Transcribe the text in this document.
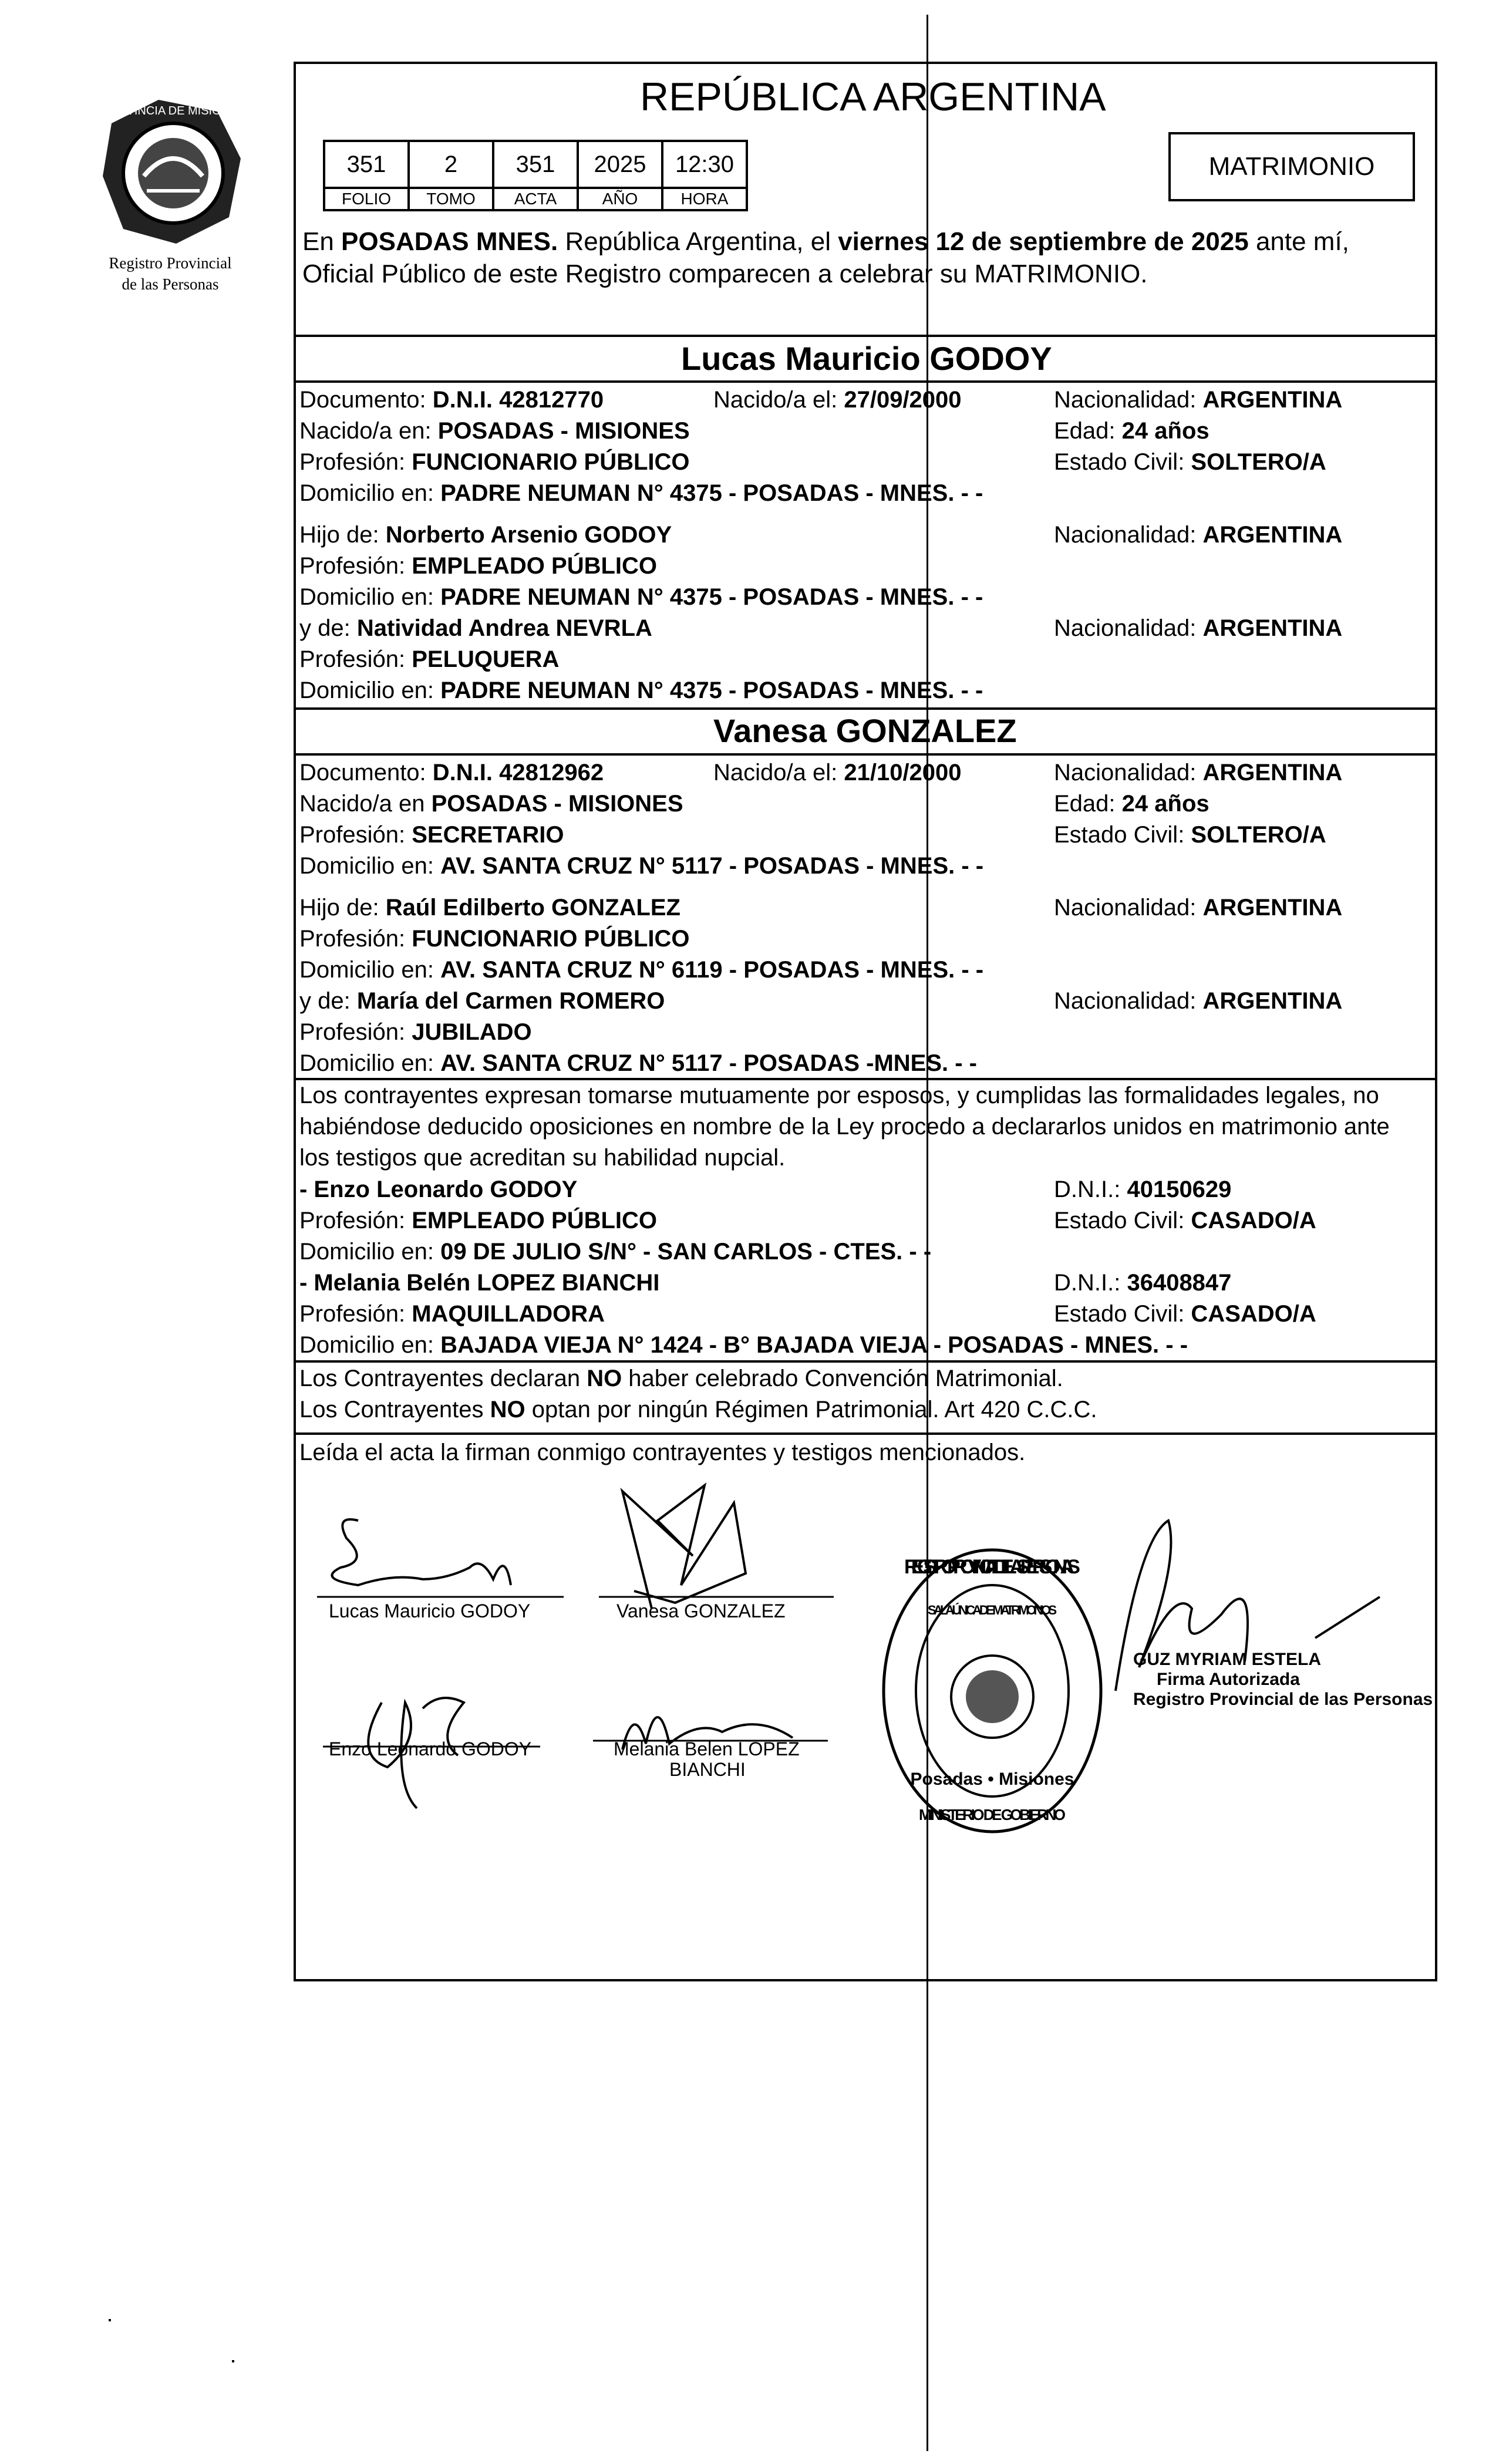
PROVINCIA DE MISIONES
Registro Provincial
de las Personas
REPÚBLICA ARGENTINA
351	2	351	2025	12:30
FOLIO	TOMO	ACTA	AÑO	HORA
MATRIMONIO
En POSADAS MNES. República Argentina, el viernes 12 de septiembre de 2025 ante mí,
Oficial Público de este Registro comparecen a celebrar su MATRIMONIO.
Lucas Mauricio GODOY
Documento: D.N.I. 42812770	Nacido/a el: 27/09/2000	Nacionalidad: ARGENTINA
Nacido/a en: POSADAS - MISIONES	Edad: 24 años
Profesión: FUNCIONARIO PÚBLICO	Estado Civil: SOLTERO/A
Domicilio en: PADRE NEUMAN N° 4375 - POSADAS - MNES. - -
Hijo de: Norberto Arsenio GODOY	Nacionalidad: ARGENTINA
Profesión: EMPLEADO PÚBLICO
Domicilio en: PADRE NEUMAN N° 4375 - POSADAS - MNES. - -
y de: Natividad Andrea NEVRLA	Nacionalidad: ARGENTINA
Profesión: PELUQUERA
Domicilio en: PADRE NEUMAN N° 4375 - POSADAS - MNES. - -
Vanesa GONZALEZ
Documento: D.N.I. 42812962	Nacido/a el: 21/10/2000	Nacionalidad: ARGENTINA
Nacido/a en POSADAS - MISIONES	Edad: 24 años
Profesión: SECRETARIO	Estado Civil: SOLTERO/A
Domicilio en: AV. SANTA CRUZ N° 5117 - POSADAS - MNES. - -
Hijo de: Raúl Edilberto GONZALEZ	Nacionalidad: ARGENTINA
Profesión: FUNCIONARIO PÚBLICO
Domicilio en: AV. SANTA CRUZ N° 6119 - POSADAS - MNES. - -
y de: María del Carmen ROMERO	Nacionalidad: ARGENTINA
Profesión: JUBILADO
Domicilio en: AV. SANTA CRUZ N° 5117 - POSADAS -MNES. - -
Los contrayentes expresan tomarse mutuamente por esposos, y cumplidas las formalidades legales, no
habiéndose deducido oposiciones en nombre de la Ley procedo a declararlos unidos en matrimonio ante
los testigos que acreditan su habilidad nupcial.
- Enzo Leonardo GODOY	D.N.I.: 40150629
Profesión: EMPLEADO PÚBLICO	Estado Civil: CASADO/A
Domicilio en: 09 DE JULIO S/N° - SAN CARLOS - CTES. - -
- Melania Belén LOPEZ BIANCHI	D.N.I.: 36408847
Profesión: MAQUILLADORA	Estado Civil: CASADO/A
Domicilio en: BAJADA VIEJA N° 1424 - B° BAJADA VIEJA - POSADAS - MNES. - -
Los Contrayentes declaran NO haber celebrado Convención Matrimonial.
Los Contrayentes NO optan por ningún Régimen Patrimonial. Art 420 C.C.C.
Leída el acta la firman conmigo contrayentes y testigos mencionados.
Lucas Mauricio GODOY	Vanesa GONZALEZ
Enzo Leonardo GODOY	Melania Belen LOPEZ
BIANCHI
REGISTRO PROVINCIAL DE LAS PERSONAS
SALA ÚNICA DE MATRIMONIOS
Posadas • Misiones
MINISTERIO DE GOBIERNO
GUZ MYRIAM ESTELA
Firma Autorizada
Registro Provincial de las Personas
